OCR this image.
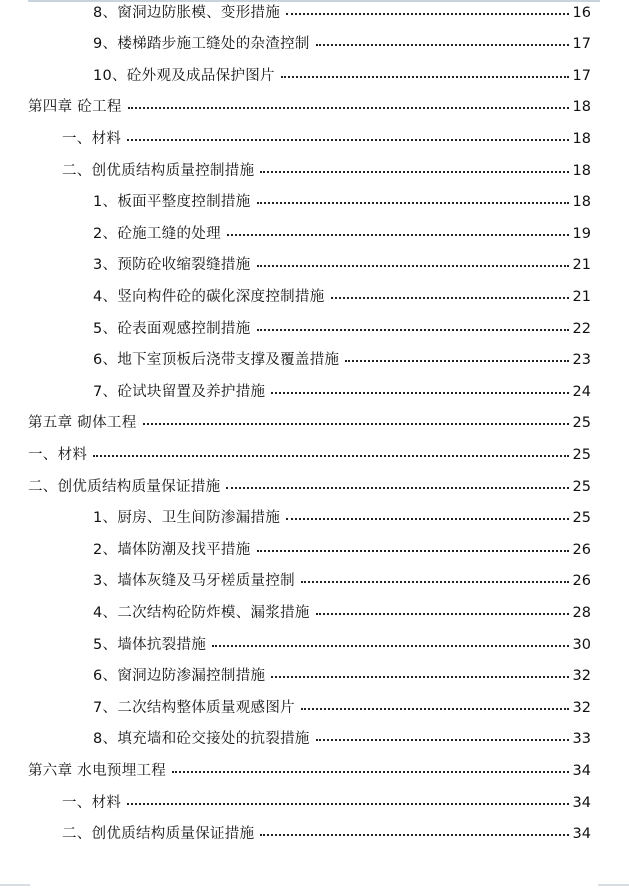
8、窗洞边防胀模、变形措施	16
9、楼梯踏步施工缝处的杂渣控制	17
10、砼外观及成品保护图片	17
第四章 砼工程	18
一、材料	18
二、创优质结构质量控制措施	18
1、板面平整度控制措施	18
2、砼施工缝的处理	19
3、预防砼收缩裂缝措施	21
4、竖向构件砼的碳化深度控制措施	21
5、砼表面观感控制措施	22
6、地下室顶板后浇带支撑及覆盖措施	23
7、砼试块留置及养护措施	24
第五章 砌体工程	25
一、材料	25
二、创优质结构质量保证措施	25
1、厨房、卫生间防渗漏措施	25
2、墙体防潮及找平措施	26
3、墙体灰缝及马牙槎质量控制	26
4、二次结构砼防炸模、漏浆措施	28
5、墙体抗裂措施	30
6、窗洞边防渗漏控制措施	32
7、二次结构整体质量观感图片	32
8、填充墙和砼交接处的抗裂措施	33
第六章 水电预埋工程	34
一、材料	34
二、创优质结构质量保证措施	34
